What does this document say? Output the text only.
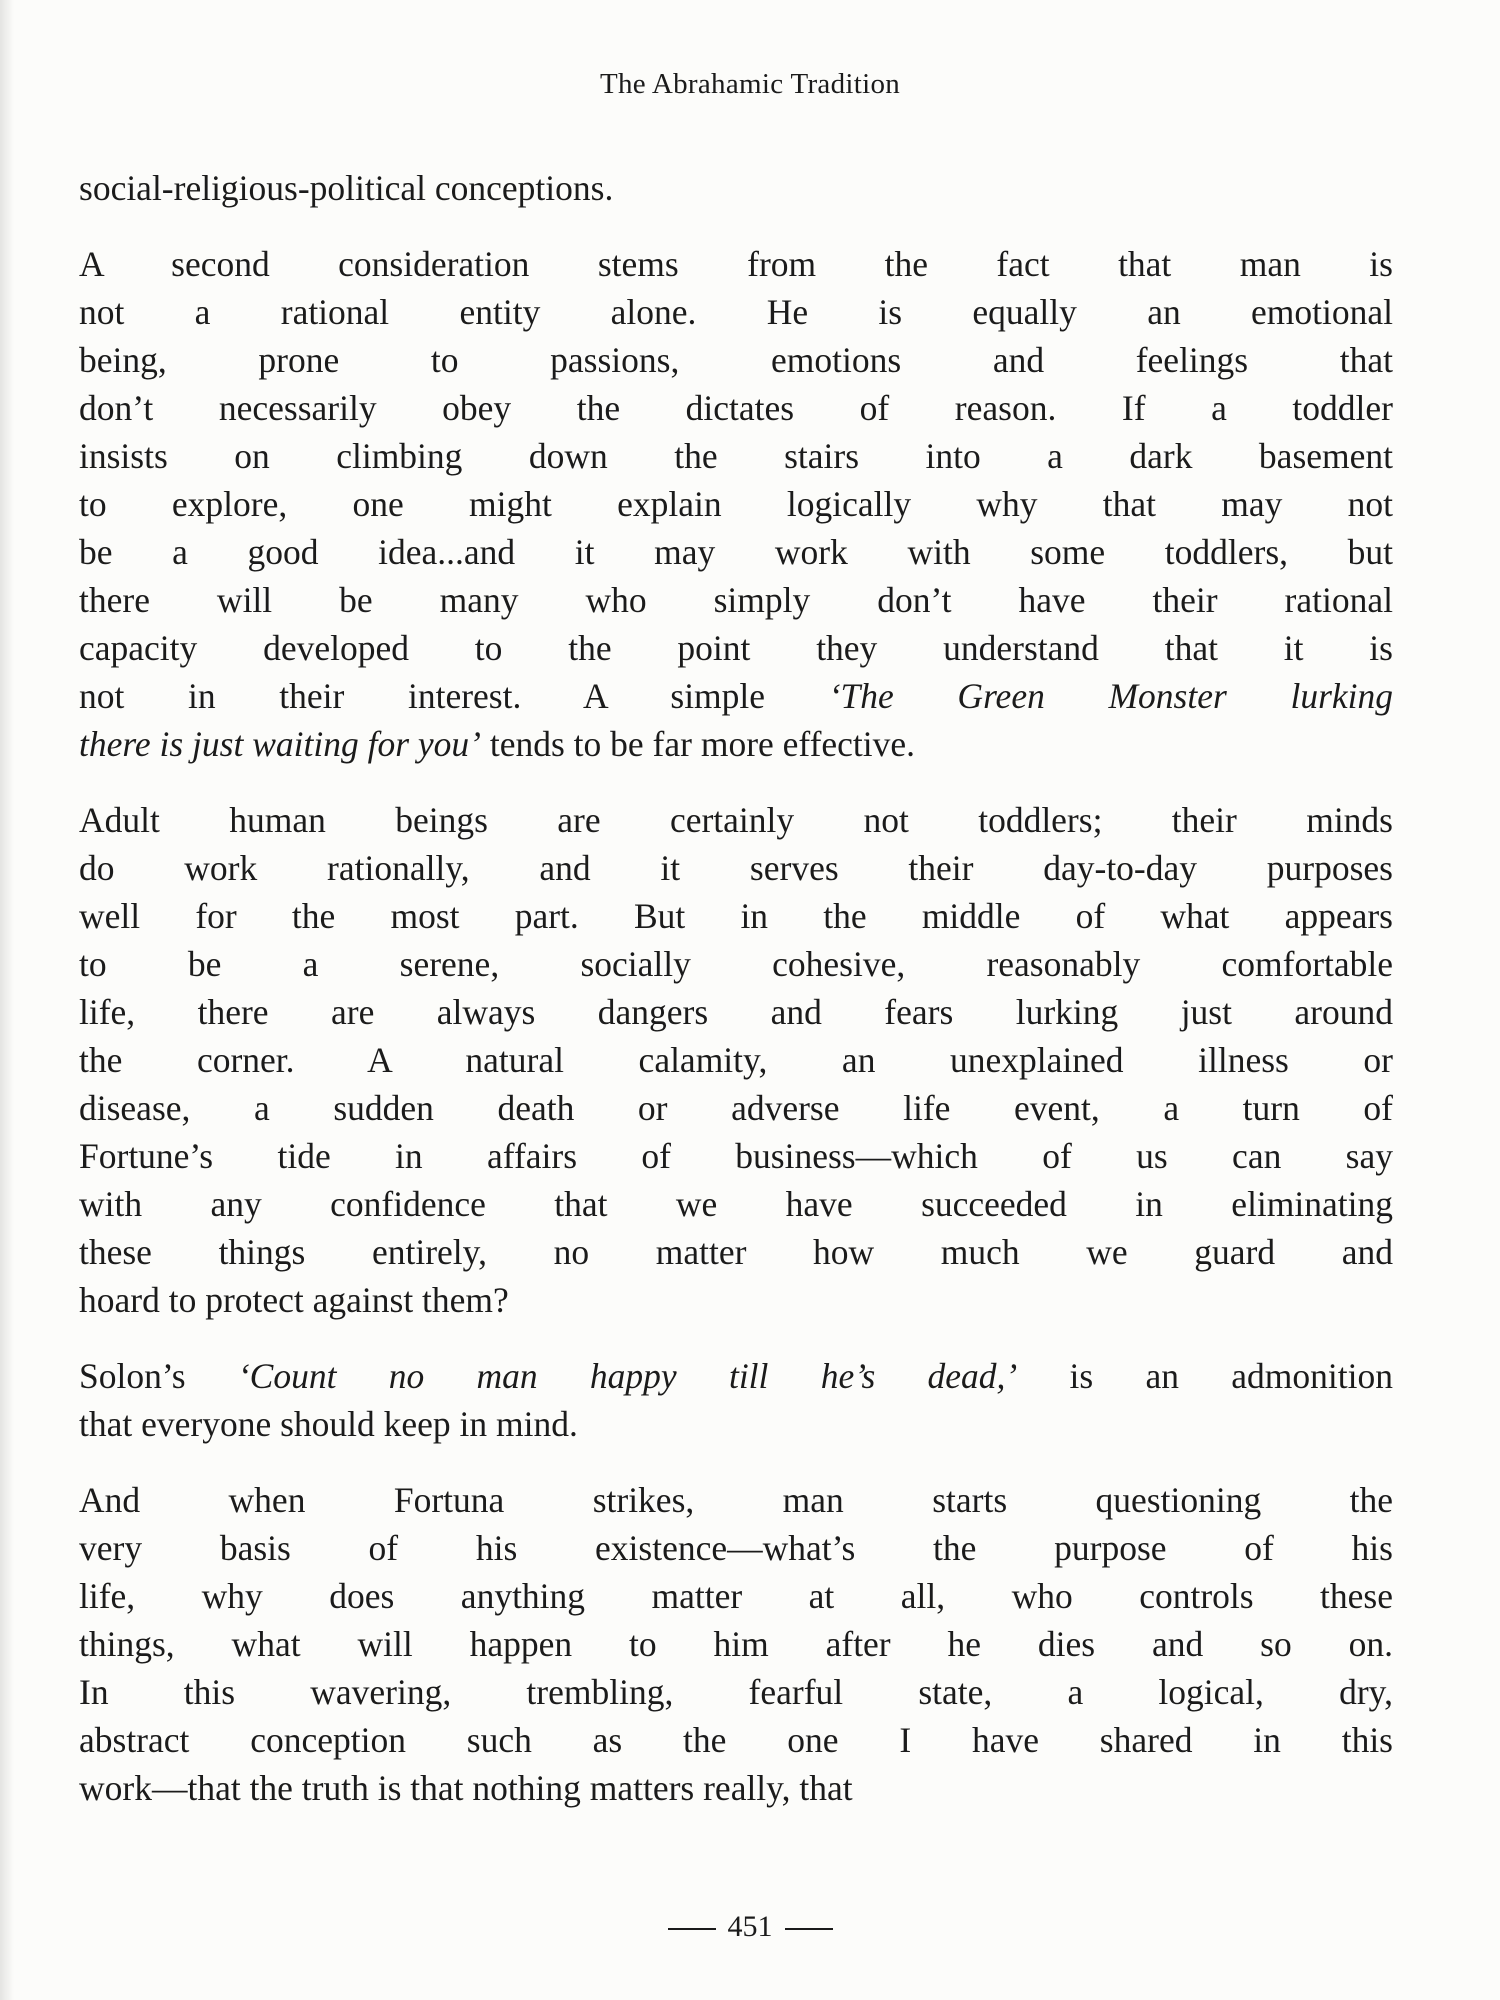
The Abrahamic Tradition
social-religious-political conceptions.
A second consideration stems from the fact that man is
not a rational entity alone. He is equally an emotional
being, prone to passions, emotions and feelings that
don’t necessarily obey the dictates of reason. If a toddler
insists on climbing down the stairs into a dark basement
to explore, one might explain logically why that may not
be a good idea...and it may work with some toddlers, but
there will be many who simply don’t have their rational
capacity developed to the point they understand that it is
not in their interest. A simple ‘The Green Monster lurking
there is just waiting for you’ tends to be far more effective.
Adult human beings are certainly not toddlers; their minds
do work rationally, and it serves their day-to-day purposes
well for the most part. But in the middle of what appears
to be a serene, socially cohesive, reasonably comfortable
life, there are always dangers and fears lurking just around
the corner. A natural calamity, an unexplained illness or
disease, a sudden death or adverse life event, a turn of
Fortune’s tide in affairs of business—which of us can say
with any confidence that we have succeeded in eliminating
these things entirely, no matter how much we guard and
hoard to protect against them?
Solon’s ‘Count no man happy till he’s dead,’ is an admonition
that everyone should keep in mind.
And when Fortuna strikes, man starts questioning the
very basis of his existence—what’s the purpose of his
life, why does anything matter at all, who controls these
things, what will happen to him after he dies and so on.
In this wavering, trembling, fearful state, a logical, dry,
abstract conception such as the one I have shared in this
work—that the truth is that nothing matters really, that
451
